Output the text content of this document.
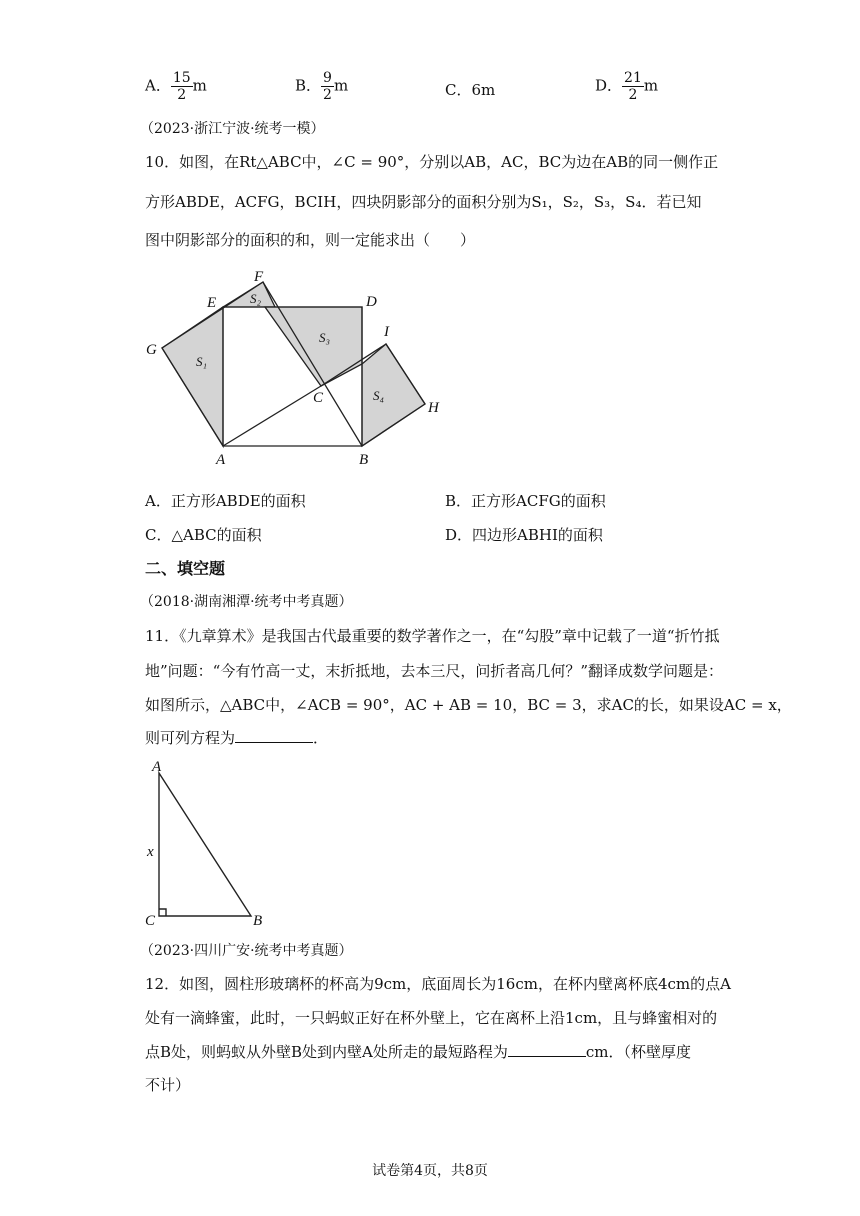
A． $\frac{15}{2}$ m	B． $\frac{9}{2}$ m	C．6m	D． $\frac{21}{2}$ m
（2023·浙江宁波·统考一模）
10．如图，在Rt△ABC中，∠C = 90°，分别以AB，AC，BC为边在AB的同一侧作正
方形ABDE，ACFG，BCIH，四块阴影部分的面积分别为S₁，S₂，S₃，S₄．若已知
图中阴影部分的面积的和，则一定能求出（　　）
F
E	D
G
I
C
H
A	B
S₁
S₂
S₃
S₄
A．正方形ABDE的面积	B．正方形ACFG的面积
C．△ABC的面积	D．四边形ABHI的面积
二、填空题
（2018·湖南湘潭·统考中考真题）
11．《九章算术》是我国古代最重要的数学著作之一，在“勾股”章中记载了一道“折竹抵
地”问题：“今有竹高一丈，末折抵地，去本三尺，问折者高几何？”翻译成数学问题是：
如图所示，△ABC中，∠ACB = 90°，AC + AB = 10，BC = 3，求AC的长，如果设AC = x，
则可列方程为	．
A
x
C	B
（2023·四川广安·统考中考真题）
12．如图，圆柱形玻璃杯的杯高为9cm，底面周长为16cm，在杯内壁离杯底4cm的点A
处有一滴蜂蜜，此时，一只蚂蚁正好在杯外壁上，它在离杯上沿1cm，且与蜂蜜相对的
点B处，则蚂蚁从外壁B处到内壁A处所走的最短路程为	cm．（杯壁厚度
不计）
试卷第4页，共8页
